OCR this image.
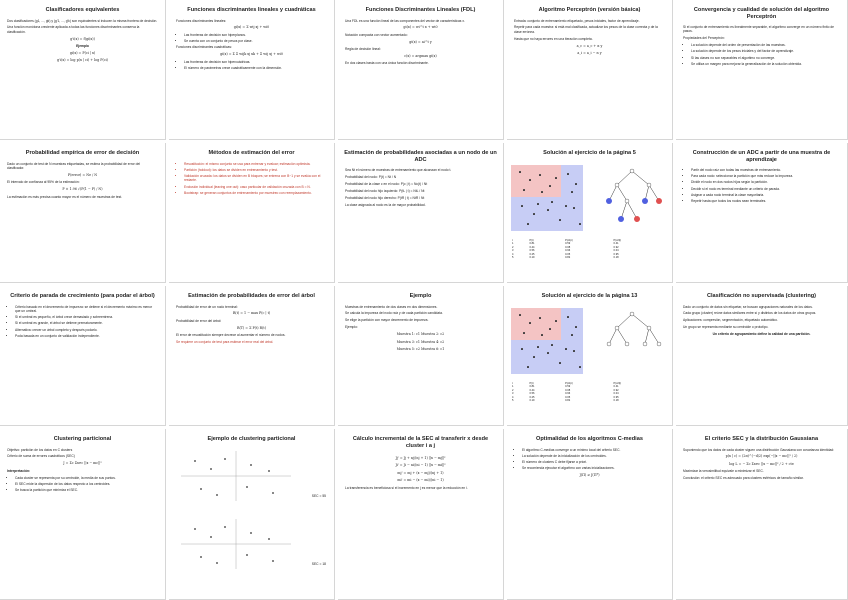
Clasificadores equivalentes

Dos clasificadores (g1, ..., gk) y (g'1, ..., g'k) son equivalentes si inducen la misma frontera de decisión.

Una función monótona creciente aplicada a todas las funciones discriminantes conserva la clasificación.

g'i(x) = f(gi(x))

Ejemplo

gi(x) = P(ci | x)

g'i(x) = log p(x | ci) + log P(ci)

Funciones discriminantes lineales y cuadráticas

Funciones discriminantes lineales:

gi(x) = Σ wij xj + wi0

• Las fronteras de decisión son hiperplanos.
• Se cuenta con un conjunto de pesos por clase.

Funciones discriminantes cuadráticas:

gi(x) = Σ Σ wijk xj xk + Σ wij xj + wi0

• Las fronteras de decisión son hipercuádricas.
• El número de parámetros crece cuadráticamente con la dimensión.
Funciones Discriminantes Lineales (FDL)

Una FDL es una función lineal de las componentes del vector de características x.

gi(x) = wi^t x + wi0

Notación compacta con vector aumentado:

gi(x) = ai^t y

Regla de decisión lineal:

c(x) = argmax gi(x)

En dos clases basta con una única función discriminante.

Algoritmo Perceptrón (versión básica)

Entrada: conjunto de entrenamiento etiquetado, pesos iniciales, factor de aprendizaje.

Repetir para cada muestra: si está mal clasificada, actualizar los pesos de la clase correcta y de la clase errónea.

Hasta que no haya errores en una iteración completa.

a_c = a_c + α y

a_i = a_i − α y

Convergencia y cualidad de solución del algoritmo Perceptrón

Si el conjunto de entrenamiento es linealmente separable, el algoritmo converge en un número finito de pasos.

Propiedades del Perceptrón:

• La solución depende del orden de presentación de las muestras.
• La solución depende de los pesos iniciales y del factor de aprendizaje.
• Si las clases no son separables el algoritmo no converge.
• Se utiliza un margen para mejorar la generalización de la solución obtenida.
Probabilidad empírica de error de decisión

Dado un conjunto de test de N muestras etiquetadas, se estima la probabilidad de error del clasificador.

P(error) ≈ Ne / N

El intervalo de confianza al 95% de la estimación:

P ± 1.96 √(P(1 − P) / N)

La estimación es más precisa cuanto mayor es el número de muestras de test.

Métodos de estimación del error
• Resustitución: el mismo conjunto se usa para entrenar y evaluar; estimación optimista.
• Partición (holdout): los datos se dividen en entrenamiento y test.
• Validación cruzada: los datos se dividen en B bloques; se entrena con B−1 y se evalúa con el restante.
• Exclusión individual (leaving one out): caso particular de validación cruzada con B = N.
• Bootstrap: se generan conjuntos de entrenamiento por muestreo con reemplazamiento.
Estimación de probabilidades asociadas a un nodo de un ADC

Sea Nt el número de muestras de entrenamiento que alcanzan el nodo t.

Probabilidad del nodo: P(t) ≈ Nt / N

Probabilidad de la clase c en el nodo: P(c | t) ≈ Nc(t) / Nt

Probabilidad del nodo hijo izquierdo: P(tL | t) ≈ NtL / Nt

Probabilidad del nodo hijo derecho: P(tR | t) ≈ NtR / Nt

La clase asignada al nodo es la de mayor probabilidad.

Solución al ejercicio de la página 5
t	P(t)	P(c1|t)	P(c2|t)
1	0.81	0.59	0.41
2	0.44	0.08	0.92
3	0.56	0.96	0.04
4	0.25	0.05	0.95
5	0.19	0.82	0.18
Construcción de un ADC a partir de una muestra de aprendizaje
• Partir del nodo raíz con todas las muestras de entrenamiento.
• Para cada nodo: seleccionar la partición que más reduce la impureza.
• Dividir el nodo en dos nodos hijos según la partición.
• Decidir si el nodo es terminal mediante un criterio de parada.
• Asignar a cada nodo terminal la clase mayoritaria.
• Repetir hasta que todos los nodos sean terminales.
Criterio de parada de crecimiento (para podar el árbol)
• Criterio basado en el decremento de impureza: se detiene si el decremento máximo es menor que un umbral.
• Si el umbral es pequeño, el árbol crece demasiado y sobreentrena.
• Si el umbral es grande, el árbol se detiene prematuramente.
• Alternativa: crecer un árbol completo y después podarlo.
• Poda basada en un conjunto de validación independiente.
Estimación de probabilidades de error del árbol

Probabilidad de error de un nodo terminal:

R(t) = 1 − max P(c | t)

Probabilidad de error del árbol:

R(T) = Σ P(t) R(t)

El error de resustitución siempre decrece al aumentar el número de nodos.

Se requiere un conjunto de test para estimar el error real del árbol.

Ejemplo

Muestras de entrenamiento de dos clases en dos dimensiones.

Se calcula la impureza del nodo raíz y de cada partición candidata.

Se elige la partición con mayor decremento de impureza.

Ejemplo:

Muestra 1: c1 Muestra 2: c2

Muestra 3: c1 Muestra 4: c2

Muestra 5: c2 Muestra 6: c1

Solución al ejercicio de la página 13
t	P(t)	P(c1|t)	P(c2|t)
1	0.81	0.59	0.41
2	0.44	0.08	0.92
3	0.56	0.96	0.04
4	0.25	0.05	0.95
5	0.19	0.82	0.18
Clasificación no supervisada (clustering)

Dado un conjunto de datos sin etiquetar, se buscan agrupaciones naturales de los datos.

Cada grupo (cluster) reúne datos similares entre sí y distintos de los datos de otros grupos.

Aplicaciones: compresión, segmentación, etiquetado automático.

Un grupo se representa mediante su centroide o prototipo.

Un criterio de agrupamiento define la calidad de una partición.

Clustering particional

Objetivo: partición de los datos en C clusters

Criterio de suma de errores cuadráticos (SEC)

J = Σc Σx∈c ||x − mc||²

Interpretación:

• Cada cluster se representa por su centroide, la media de sus puntos.
• El SEC mide la dispersión de los datos respecto a los centroides.
• Se busca la partición que minimiza el SEC.
Ejemplo de clustering particional
SEC = 55
SEC = 18
Cálculo incremental de la SEC al transferir x desde cluster i a j

Jj' = Jj + nj/(nj + 1) ||x − mj||²

Ji' = Ji − ni/(ni − 1) ||x − mi||²

mj' = mj + (x − mj)/(nj + 1)

mi' = mi − (x − mi)/(ni − 1)

La transferencia es beneficiosa si el incremento en j es menor que la reducción en i.

Optimalidad de los algoritmos C-medias
• El algoritmo C-medias converge a un mínimo local del criterio SEC.
• La solución depende de la inicialización de los centroides.
• El número de clusters C debe fijarse a priori.
• Se recomienda ejecutar el algoritmo con varias inicializaciones.

J(Π) ≥ J(Π*)

El criterio SEC y la distribución Gaussiana

Suponiendo que los datos de cada cluster siguen una distribución Gaussiana con covarianza identidad:

p(x | c) = (2π)^(−d/2) exp(−||x − mc||² / 2)

log L = − Σc Σx∈c ||x − mc||² / 2 + cte

Maximizar la verosimilitud equivale a minimizar el SEC.

Conclusión: el criterio SEC es adecuado para clusters esféricos de tamaño similar.
